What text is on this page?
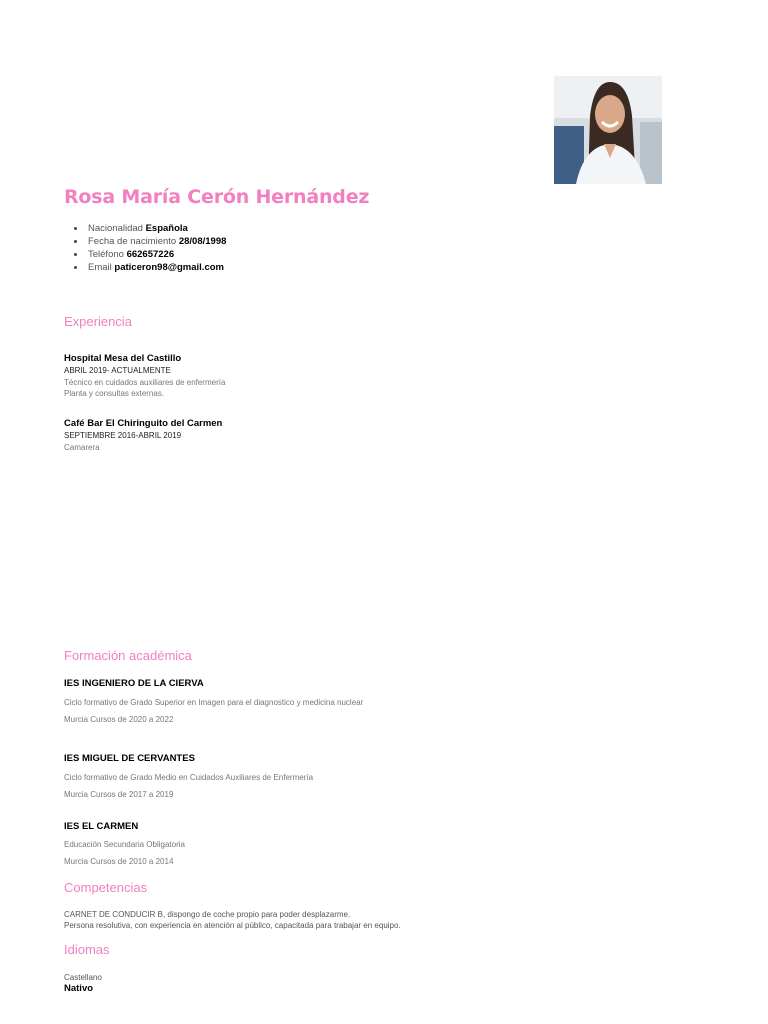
Rosa María Cerón Hernández
Nacionalidad Española
Fecha de nacimiento 28/08/1998
Teléfono 662657226
Email paticeron98@gmail.com
Experiencia
Hospital Mesa del Castillo
ABRIL 2019- ACTUALMENTE
Técnico en cuidados auxiliares de enfermería
Planta y consultas externas.
Café Bar El Chiringuito del Carmen
SEPTIEMBRE 2016-ABRIL 2019
Camarera
Formación académica
IES INGENIERO DE LA CIERVA
Ciclo formativo de Grado Superior en Imagen para el diagnostico y medicina nuclear
Murcia Cursos de 2020 a 2022
IES MIGUEL DE CERVANTES
Ciclo formativo de Grado Medio en Cuidados Auxiliares de Enfermería
Murcia Cursos de 2017 a 2019
IES EL CARMEN
Educación Secundaria Obligatoria
Murcia Cursos de 2010 a 2014
Competencias
CARNET DE CONDUCIR B, dispongo de coche propio para poder desplazarme.
Persona resolutiva, con experiencia en atención al público, capacitada para trabajar en equipo.
Idiomas
Castellano
Nativo
